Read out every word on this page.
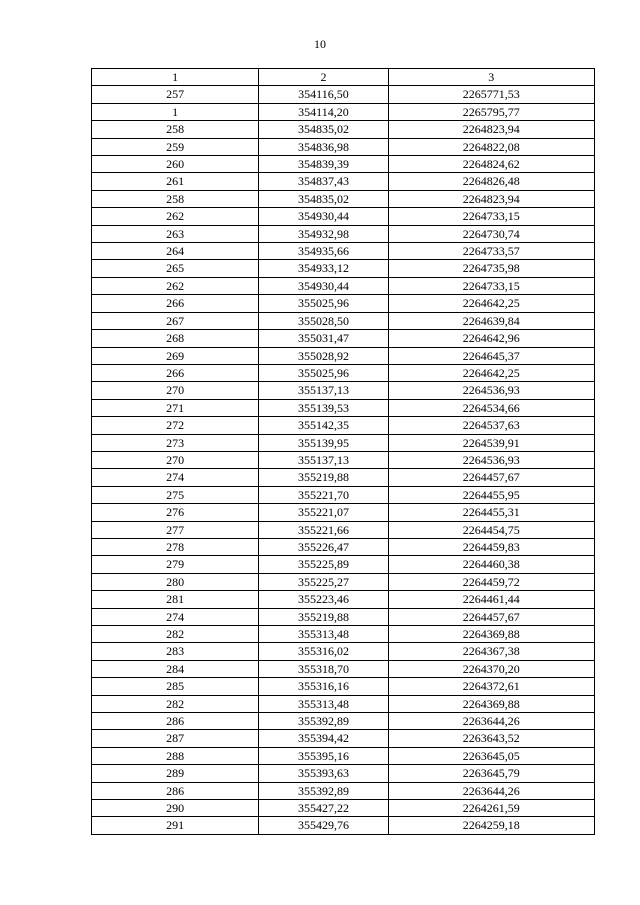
10
1	2	3
257	354116,50	2265771,53
1	354114,20	2265795,77
258	354835,02	2264823,94
259	354836,98	2264822,08
260	354839,39	2264824,62
261	354837,43	2264826,48
258	354835,02	2264823,94
262	354930,44	2264733,15
263	354932,98	2264730,74
264	354935,66	2264733,57
265	354933,12	2264735,98
262	354930,44	2264733,15
266	355025,96	2264642,25
267	355028,50	2264639,84
268	355031,47	2264642,96
269	355028,92	2264645,37
266	355025,96	2264642,25
270	355137,13	2264536,93
271	355139,53	2264534,66
272	355142,35	2264537,63
273	355139,95	2264539,91
270	355137,13	2264536,93
274	355219,88	2264457,67
275	355221,70	2264455,95
276	355221,07	2264455,31
277	355221,66	2264454,75
278	355226,47	2264459,83
279	355225,89	2264460,38
280	355225,27	2264459,72
281	355223,46	2264461,44
274	355219,88	2264457,67
282	355313,48	2264369,88
283	355316,02	2264367,38
284	355318,70	2264370,20
285	355316,16	2264372,61
282	355313,48	2264369,88
286	355392,89	2263644,26
287	355394,42	2263643,52
288	355395,16	2263645,05
289	355393,63	2263645,79
286	355392,89	2263644,26
290	355427,22	2264261,59
291	355429,76	2264259,18
